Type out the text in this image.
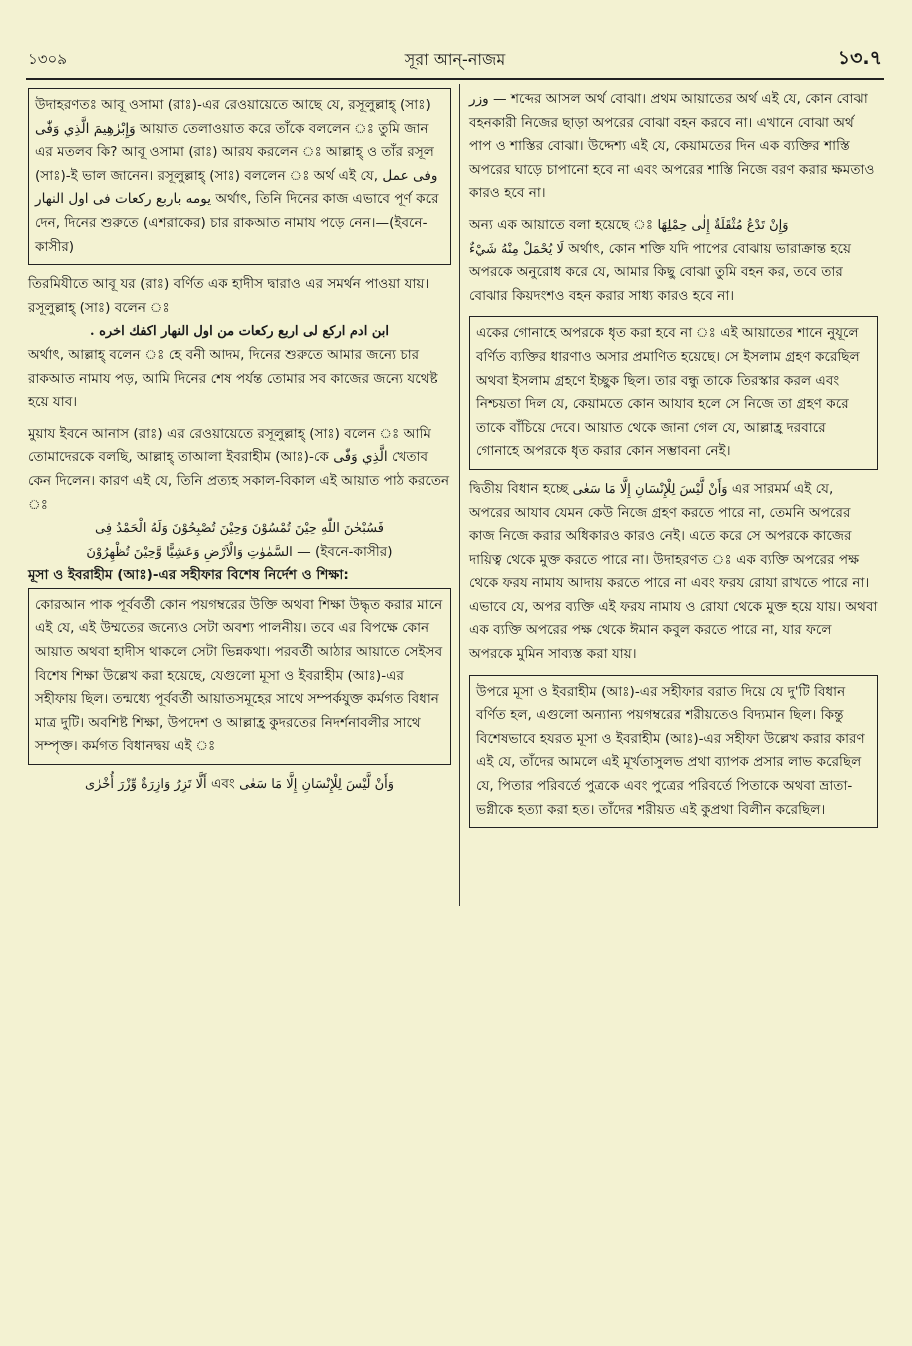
১৩০৯	সূরা আন্-নাজম	১৩.৭

উদাহরণতঃ আবূ ওসামা (রাঃ)-এর রেওয়ায়েতে আছে যে, রসূলুল্লাহ্ (সাঃ) وَإِبْرٰهِيمَ الَّذِي وَفّٰى আয়াত তেলাওয়াত করে তাঁকে বললেন ঃ তুমি জান এর মতলব কি? আবূ ওসামা (রাঃ) আরয করলেন ঃ আল্লাহ্ ও তাঁর রসূল (সাঃ)-ই ভাল জানেন। রসূলুল্লাহ্ (সাঃ) বললেন ঃ অর্থ এই যে, وفى عمل يومه باربع ركعات فى اول النهار অর্থাৎ, তিনি দিনের কাজ এভাবে পূর্ণ করে দেন, দিনের শুরুতে (এশরাকের) চার রাকআত নামায পড়ে নেন।—(ইবনে-কাসীর)

তিরমিযীতে আবূ যর (রাঃ) বর্ণিত এক হাদীস দ্বারাও এর সমর্থন পাওয়া যায়। রসূলুল্লাহ্ (সাঃ) বলেন ঃ

ابن ادم اركع لى اربع ركعات من اول النهار اكفك اخره .

অর্থাৎ, আল্লাহ্ বলেন ঃ হে বনী আদম, দিনের শুরুতে আমার জন্যে চার রাকআত নামায পড়, আমি দিনের শেষ পর্যন্ত তোমার সব কাজের জন্যে যথেষ্ট হয়ে যাব।

মুয়ায ইবনে আনাস (রাঃ) এর রেওয়ায়েতে রসূলুল্লাহ্ (সাঃ) বলেন ঃ আমি তোমাদেরকে বলছি, আল্লাহ্ তাআলা ইবরাহীম (আঃ)-কে الَّذِي وَفّٰى খেতাব কেন দিলেন। কারণ এই যে, তিনি প্রত্যহ সকাল-বিকাল এই আয়াত পাঠ করতেন ঃ

فَسُبْحٰنَ اللّٰهِ حِيْنَ تُمْسُوْنَ وَحِيْنَ تُصْبِحُوْنَ وَلَهُ الْحَمْدُ فِى

السَّمٰوٰتِ وَالْاَرْضِ وَعَشِيًّا وَّحِيْنَ تُظْهِرُوْنَ — (ইবনে-কাসীর)

মূসা ও ইবরাহীম (আঃ)-এর সহীফার বিশেষ নির্দেশ ও শিক্ষা:

কোরআন পাক পূর্ববর্তী কোন পয়গম্বরের উক্তি অথবা শিক্ষা উদ্ধৃত করার মানে এই যে, এই উম্মতের জন্যেও সেটা অবশ্য পালনীয়। তবে এর বিপক্ষে কোন আয়াত অথবা হাদীস থাকলে সেটা ভিন্নকথা। পরবর্তী আঠার আয়াতে সেইসব বিশেষ শিক্ষা উল্লেখ করা হয়েছে, যেগুলো মূসা ও ইবরাহীম (আঃ)-এর সহীফায় ছিল। তন্মধ্যে পূর্ববর্তী আয়াতসমূহের সাথে সম্পর্কযুক্ত কর্মগত বিধান মাত্র দুটি। অবশিষ্ট শিক্ষা, উপদেশ ও আল্লাহ্র কুদরতের নিদর্শনাবলীর সাথে সম্পৃক্ত। কর্মগত বিধানদ্বয় এই ঃ

أَلَّا تَزِرُ وَازِرَةٌ وِّزْرَ أُخْرٰى এবং وَأَنْ لَّيْسَ لِلْإِنْسَانِ إِلَّا مَا سَعٰى

وزر — শব্দের আসল অর্থ বোঝা। প্রথম আয়াতের অর্থ এই যে, কোন বোঝা বহনকারী নিজের ছাড়া অপরের বোঝা বহন করবে না। এখানে বোঝা অর্থ পাপ ও শাস্তির বোঝা। উদ্দেশ্য এই যে, কেয়ামতের দিন এক ব্যক্তির শাস্তি অপরের ঘাড়ে চাপানো হবে না এবং অপরের শাস্তি নিজে বরণ করার ক্ষমতাও কারও হবে না।

অন্য এক আয়াতে বলা হয়েছে ঃ وَإِنْ تَدْعُ مُثْقَلَةٌ إِلٰى حِمْلِهَا

لَا يُحْمَلْ مِنْهُ شَيْءٌ অর্থাৎ, কোন শক্তি যদি পাপের বোঝায় ভারাক্রান্ত হয়ে অপরকে অনুরোধ করে যে, আমার কিছু বোঝা তুমি বহন কর, তবে তার বোঝার কিয়দংশও বহন করার সাধ্য কারও হবে না।

একের গোনাহে অপরকে ধৃত করা হবে না ঃ এই আয়াতের শানে নুযূলে বর্ণিত ব্যক্তির ধারণাও অসার প্রমাণিত হয়েছে। সে ইসলাম গ্রহণ করেছিল অথবা ইসলাম গ্রহণে ইচ্ছুক ছিল। তার বন্ধু তাকে তিরস্কার করল এবং নিশ্চয়তা দিল যে, কেয়ামতে কোন আযাব হলে সে নিজে তা গ্রহণ করে তাকে বাঁচিয়ে দেবে। আয়াত থেকে জানা গেল যে, আল্লাহ্র দরবারে গোনাহে অপরকে ধৃত করার কোন সম্ভাবনা নেই।

দ্বিতীয় বিধান হচ্ছে وَأَنْ لَّيْسَ لِلْإِنْسَانِ إِلَّا مَا سَعٰى এর সারমর্ম এই যে, অপরের আযাব যেমন কেউ নিজে গ্রহণ করতে পারে না, তেমনি অপরের কাজ নিজে করার অধিকারও কারও নেই। এতে করে সে অপরকে কাজের দায়িত্ব থেকে মুক্ত করতে পারে না। উদাহরণত ঃ এক ব্যক্তি অপরের পক্ষ থেকে ফরয নামায আদায় করতে পারে না এবং ফরয রোযা রাখতে পারে না। এভাবে যে, অপর ব্যক্তি এই ফরয নামায ও রোযা থেকে মুক্ত হয়ে যায়। অথবা এক ব্যক্তি অপরের পক্ষ থেকে ঈমান কবুল করতে পারে না, যার ফলে অপরকে মুমিন সাব্যস্ত করা যায়।

উপরে মূসা ও ইবরাহীম (আঃ)-এর সহীফার বরাত দিয়ে যে দু'টি বিধান বর্ণিত হল, এগুলো অন্যান্য পয়গম্বরের শরীয়তেও বিদ্যমান ছিল। কিন্তু বিশেষভাবে হযরত মূসা ও ইবরাহীম (আঃ)-এর সহীফা উল্লেখ করার কারণ এই যে, তাঁদের আমলে এই মূর্খতাসুলভ প্রথা ব্যাপক প্রসার লাভ করেছিল যে, পিতার পরিবর্তে পুত্রকে এবং পুত্রের পরিবর্তে পিতাকে অথবা ভ্রাতা-ভগ্নীকে হত্যা করা হত। তাঁদের শরীয়ত এই কুপ্রথা বিলীন করেছিল।
